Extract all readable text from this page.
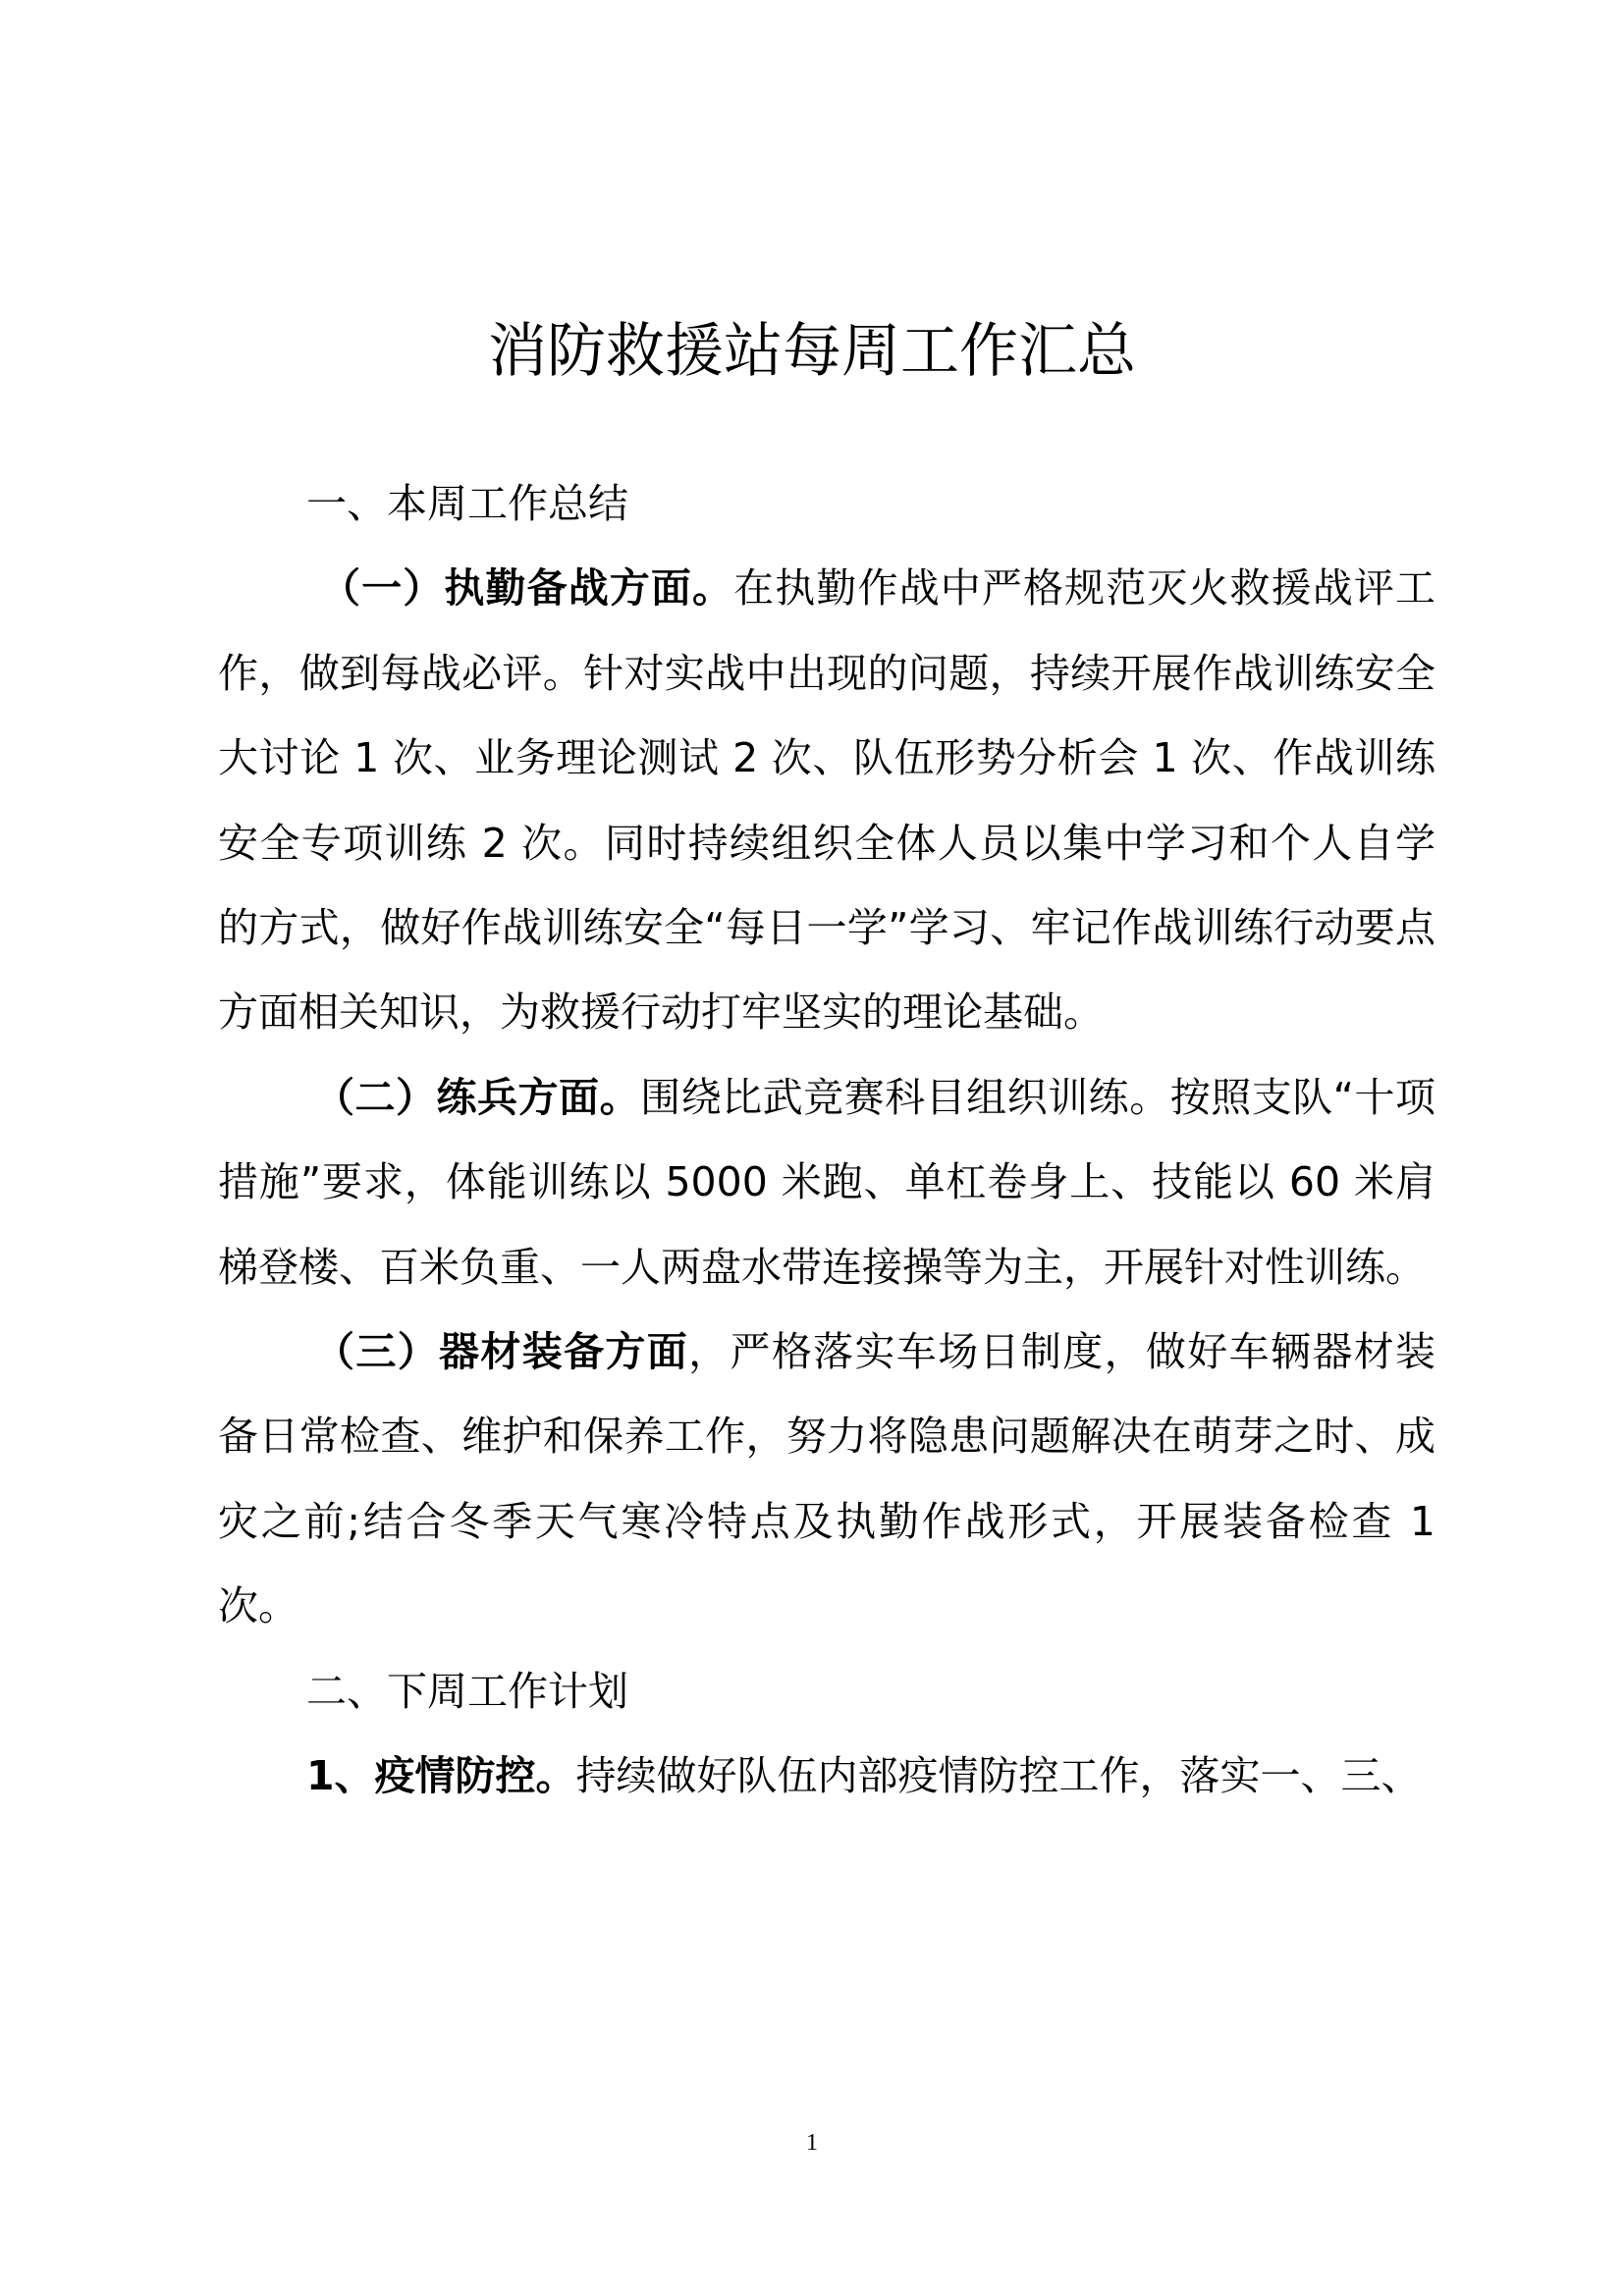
消防救援站每周工作汇总

一、本周工作总结

（一）执勤备战方面。在执勤作战中严格规范灭火救援战评工作，做到每战必评。针对实战中出现的问题，持续开展作战训练安全大讨论 1 次、业务理论测试 2 次、队伍形势分析会 1 次、作战训练安全专项训练 2 次。同时持续组织全体人员以集中学习和个人自学的方式，做好作战训练安全“每日一学”学习、牢记作战训练行动要点方面相关知识，为救援行动打牢坚实的理论基础。

（二）练兵方面。围绕比武竞赛科目组织训练。按照支队“十项措施”要求，体能训练以 5000 米跑、单杠卷身上、技能以 60 米肩梯登楼、百米负重、一人两盘水带连接操等为主，开展针对性训练。

（三）器材装备方面，严格落实车场日制度，做好车辆器材装备日常检查、维护和保养工作，努力将隐患问题解决在萌芽之时、成灾之前;结合冬季天气寒冷特点及执勤作战形式，开展装备检查 1 次。

二、下周工作计划

1、疫情防控。持续做好队伍内部疫情防控工作，落实一、三、

1
